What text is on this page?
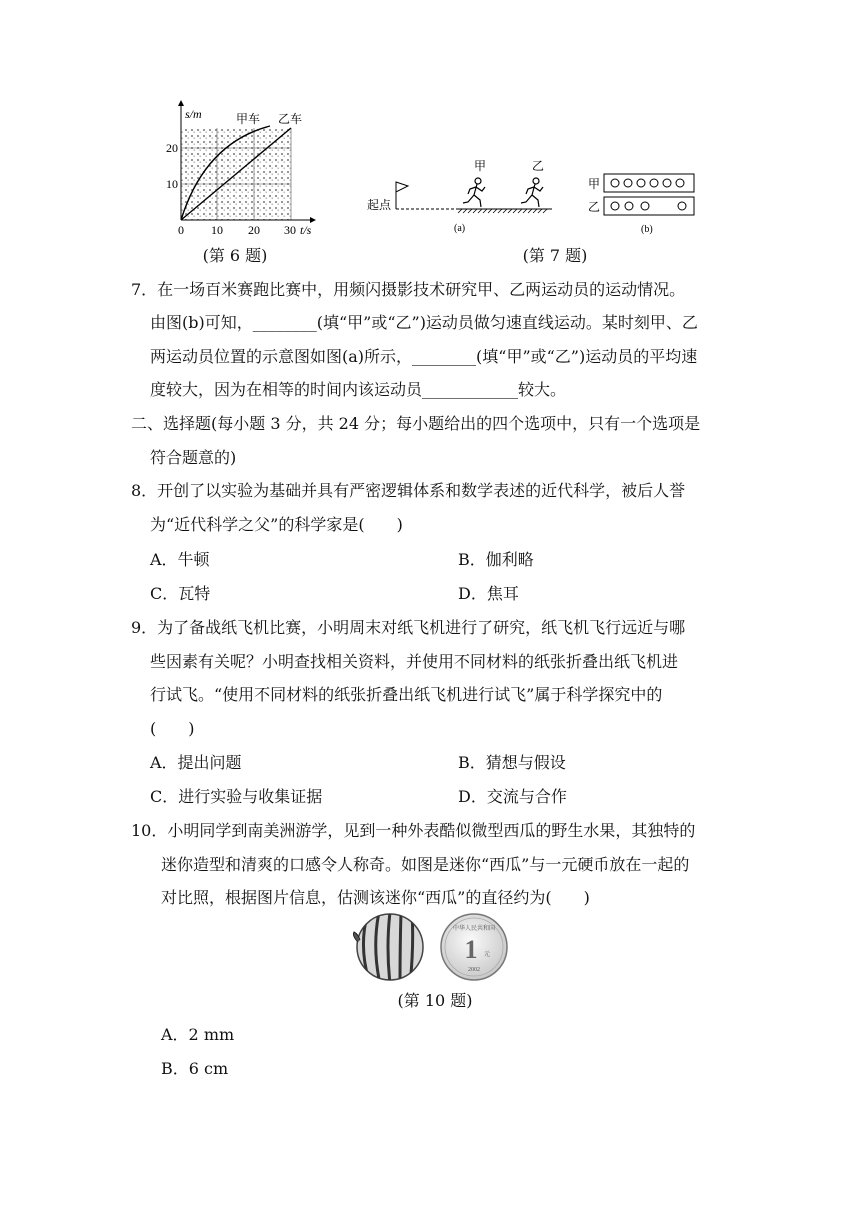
s/m
20
10
0 10 20 30 t/s
甲车 乙车
(第 6 题)
起点
甲	乙
(a)
甲
乙
(b)
(第 7 题)
7．在一场百米赛跑比赛中，用频闪摄影技术研究甲、乙两运动员的运动情况。
由图(b)可知，________(填“甲”或“乙”)运动员做匀速直线运动。某时刻甲、乙
两运动员位置的示意图如图(a)所示，________(填“甲”或“乙”)运动员的平均速
度较大，因为在相等的时间内该运动员____________较大。
二、选择题(每小题 3 分，共 24 分；每小题给出的四个选项中，只有一个选项是
符合题意的)
8．开创了以实验为基础并具有严密逻辑体系和数学表述的近代科学，被后人誉
为“近代科学之父”的科学家是(　　)
A．牛顿	B．伽利略
C．瓦特	D．焦耳
9．为了备战纸飞机比赛，小明周末对纸飞机进行了研究，纸飞机飞行远近与哪
些因素有关呢？小明查找相关资料，并使用不同材料的纸张折叠出纸飞机进
行试飞。“使用不同材料的纸张折叠出纸飞机进行试飞”属于科学探究中的
(　　)
A．提出问题	B．猜想与假设
C．进行实验与收集证据	D．交流与合作
10．小明同学到南美洲游学，见到一种外表酷似微型西瓜的野生水果，其独特的
迷你造型和清爽的口感令人称奇。如图是迷你“西瓜”与一元硬币放在一起的
对比照，根据图片信息，估测该迷你“西瓜”的直径约为(　　)
中华人民共和国
1 元
2002
(第 10 题)
A．2 mm
B．6 cm
